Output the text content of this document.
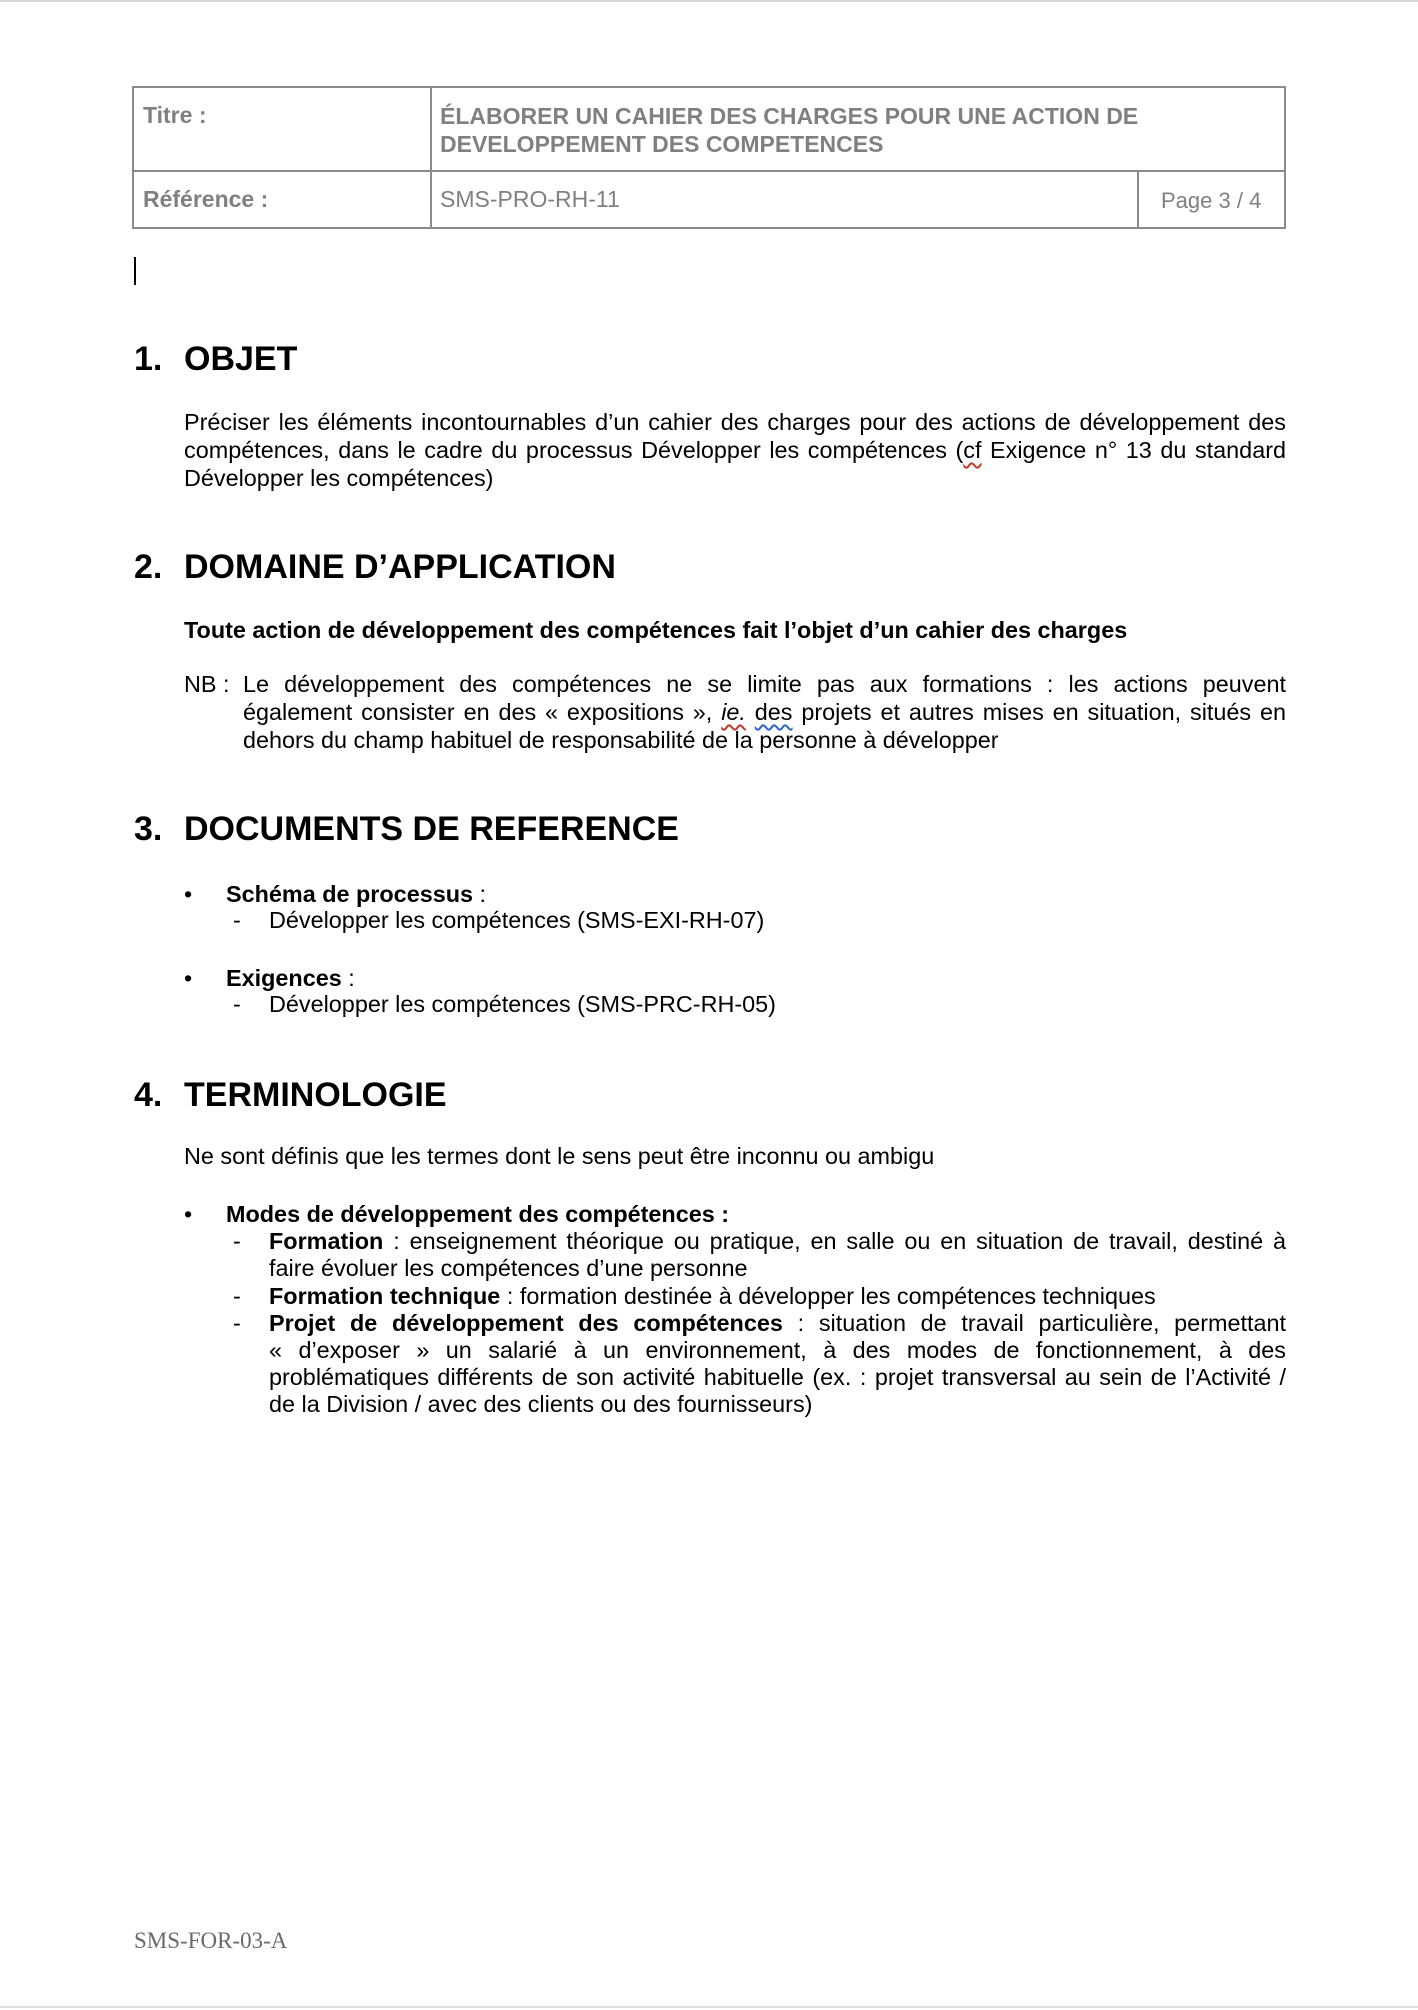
Titre :	ÉLABORER UN CAHIER DES CHARGES POUR UNE ACTION DE
DEVELOPPEMENT DES COMPETENCES
Référence :	SMS-PRO-RH-11	Page 3 / 4
1. OBJET
Préciser les éléments incontournables d’un cahier des charges pour des actions de développement des
compétences, dans le cadre du processus Développer les compétences (cf Exigence n° 13 du standard
Développer les compétences)
2. DOMAINE D’APPLICATION
Toute action de développement des compétences fait l’objet d’un cahier des charges
NB : Le développement des compétences ne se limite pas aux formations : les actions peuvent
également consister en des « expositions », ie. des projets et autres mises en situation, situés en
dehors du champ habituel de responsabilité de la personne à développer
3. DOCUMENTS DE REFERENCE
• Schéma de processus :
- Développer les compétences (SMS-EXI-RH-07)
• Exigences :
- Développer les compétences (SMS-PRC-RH-05)
4. TERMINOLOGIE
Ne sont définis que les termes dont le sens peut être inconnu ou ambigu
• Modes de développement des compétences :
- Formation : enseignement théorique ou pratique, en salle ou en situation de travail, destiné à
faire évoluer les compétences d’une personne
- Formation technique : formation destinée à développer les compétences techniques
- Projet de développement des compétences : situation de travail particulière, permettant
« d’exposer » un salarié à un environnement, à des modes de fonctionnement, à des
problématiques différents de son activité habituelle (ex. : projet transversal au sein de l’Activité /
de la Division / avec des clients ou des fournisseurs)
SMS-FOR-03-A
